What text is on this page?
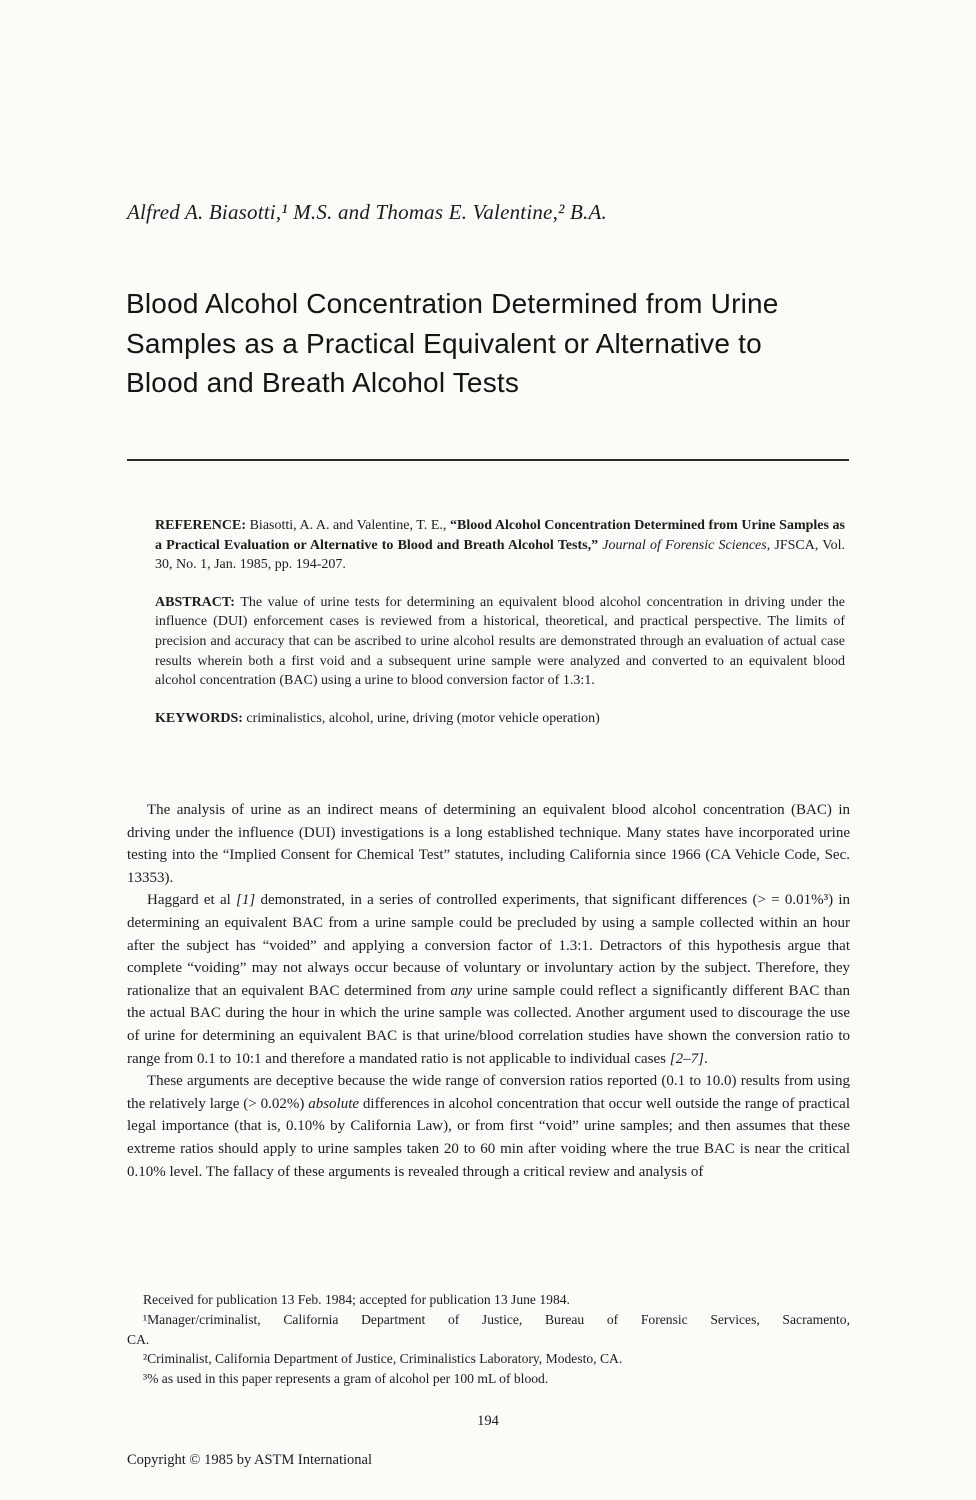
Alfred A. Biasotti,¹ M.S. and Thomas E. Valentine,² B.A.
Blood Alcohol Concentration Determined from Urine
Samples as a Practical Equivalent or Alternative to
Blood and Breath Alcohol Tests

REFERENCE: Biasotti, A. A. and Valentine, T. E., “Blood Alcohol Concentration Determined from Urine Samples as a Practical Evaluation or Alternative to Blood and Breath Alcohol Tests,” Journal of Forensic Sciences, JFSCA, Vol. 30, No. 1, Jan. 1985, pp. 194-207.

ABSTRACT: The value of urine tests for determining an equivalent blood alcohol concentration in driving under the influence (DUI) enforcement cases is reviewed from a historical, theoretical, and practical perspective. The limits of precision and accuracy that can be ascribed to urine alcohol results are demonstrated through an evaluation of actual case results wherein both a first void and a subsequent urine sample were analyzed and converted to an equivalent blood alcohol concentration (BAC) using a urine to blood conversion factor of 1.3:1.

KEYWORDS: criminalistics, alcohol, urine, driving (motor vehicle operation)

The analysis of urine as an indirect means of determining an equivalent blood alcohol concentration (BAC) in driving under the influence (DUI) investigations is a long established technique. Many states have incorporated urine testing into the “Implied Consent for Chemical Test” statutes, including California since 1966 (CA Vehicle Code, Sec. 13353).

Haggard et al [1] demonstrated, in a series of controlled experiments, that significant differences (> = 0.01%³) in determining an equivalent BAC from a urine sample could be precluded by using a sample collected within an hour after the subject has “voided” and applying a conversion factor of 1.3:1. Detractors of this hypothesis argue that complete “voiding” may not always occur because of voluntary or involuntary action by the subject. Therefore, they rationalize that an equivalent BAC determined from any urine sample could reflect a significantly different BAC than the actual BAC during the hour in which the urine sample was collected. Another argument used to discourage the use of urine for determining an equivalent BAC is that urine/blood correlation studies have shown the conversion ratio to range from 0.1 to 10:1 and therefore a mandated ratio is not applicable to individual cases [2–7].

These arguments are deceptive because the wide range of conversion ratios reported (0.1 to 10.0) results from using the relatively large (> 0.02%) absolute differences in alcohol concentration that occur well outside the range of practical legal importance (that is, 0.10% by California Law), or from first “void” urine samples; and then assumes that these extreme ratios should apply to urine samples taken 20 to 60 min after voiding where the true BAC is near the critical 0.10% level. The fallacy of these arguments is revealed through a critical review and analysis of

Received for publication 13 Feb. 1984; accepted for publication 13 June 1984.
¹Manager/criminalist, California Department of Justice, Bureau of Forensic Services, Sacramento,
CA.
²Criminalist, California Department of Justice, Criminalistics Laboratory, Modesto, CA.
³% as used in this paper represents a gram of alcohol per 100 mL of blood.
194
Copyright © 1985 by ASTM International
